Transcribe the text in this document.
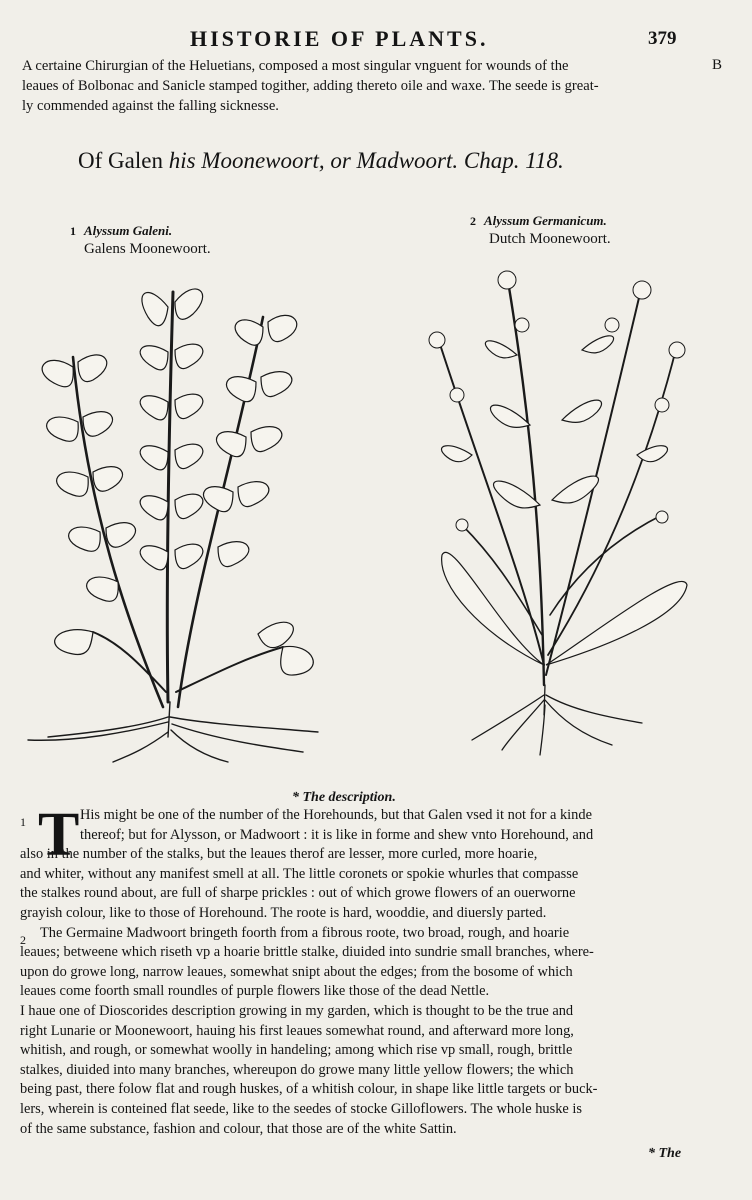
HISTORIE OF PLANTS.	379
A certaine Chirurgian of the Heluetians, composed a most singular vnguent for wounds of the
leaues of Bolbonac and Sanicle stamped togither, adding thereto oile and waxe. The seede is great-
ly commended against the falling sicknesse.
B
Of Galen his Moonewoort, or Madwoort. Chap. 118.
1 Alyssum Galeni.
Galens Moonewoort.
2 Alyssum Germanicum.
Dutch Moonewoort.
* The description.
1
2
T His might be one of the number of the Horehounds, but that Galen vsed it not for a kinde
thereof; but for Alysson, or Madwoort : it is like in forme and shew vnto Horehound, and
also in the number of the stalks, but the leaues therof are lesser, more curled, more hoarie,
and whiter, without any manifest smell at all. The little coronets or spokie whurles that compasse
the stalkes round about, are full of sharpe prickles : out of which growe flowers of an ouerworne
grayish colour, like to those of Horehound. The roote is hard, wooddie, and diuersly parted.
The Germaine Madwoort bringeth foorth from a fibrous roote, two broad, rough, and hoarie
leaues; betweene which riseth vp a hoarie brittle stalke, diuided into sundrie small branches, where-
upon do growe long, narrow leaues, somewhat snipt about the edges; from the bosome of which
leaues come foorth small roundles of purple flowers like those of the dead Nettle.
I haue one of Dioscorides description growing in my garden, which is thought to be the true and
right Lunarie or Moonewoort, hauing his first leaues somewhat round, and afterward more long,
whitish, and rough, or somewhat woolly in handeling; among which rise vp small, rough, brittle
stalkes, diuided into many branches, whereupon do growe many little yellow flowers; the which
being past, there folow flat and rough huskes, of a whitish colour, in shape like little targets or buck-
lers, wherein is conteined flat seede, like to the seedes of stocke Gilloflowers. The whole huske is
of the same substance, fashion and colour, that those are of the white Sattin.
* The
